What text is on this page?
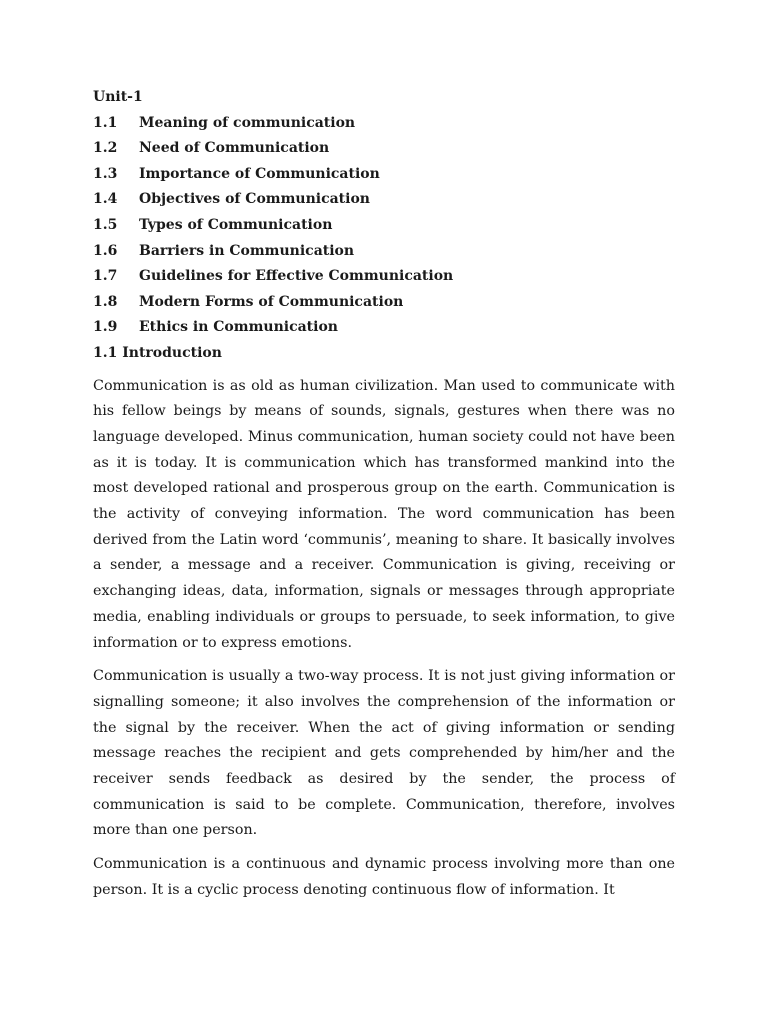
Unit-1
1.1	Meaning of communication
1.2	Need of Communication
1.3	Importance of Communication
1.4	Objectives of Communication
1.5	Types of Communication
1.6	Barriers in Communication
1.7	Guidelines for Effective Communication
1.8	Modern Forms of Communication
1.9	Ethics in Communication
1.1 Introduction

Communication is as old as human civilization. Man used to communicate with his fellow beings by means of sounds, signals, gestures when there was no language developed. Minus communication, human society could not have been as it is today. It is communication which has transformed mankind into the most developed rational and prosperous group on the earth. Communication is the activity of conveying information. The word communication has been derived from the Latin word ‘communis’, meaning to share. It basically involves a sender, a message and a receiver. Communication is giving, receiving or exchanging ideas, data, information, signals or messages through appropriate media, enabling individuals or groups to persuade, to seek information, to give information or to express emotions.

Communication is usually a two-way process. It is not just giving information or signalling someone; it also involves the comprehension of the information or the signal by the receiver. When the act of giving information or sending message reaches the recipient and gets comprehended by him/her and the receiver sends feedback as desired by the sender, the process of communication is said to be complete. Communication, therefore, involves more than one person.

Communication is a continuous and dynamic process involving more than one person. It is a cyclic process denoting continuous flow of information. It
